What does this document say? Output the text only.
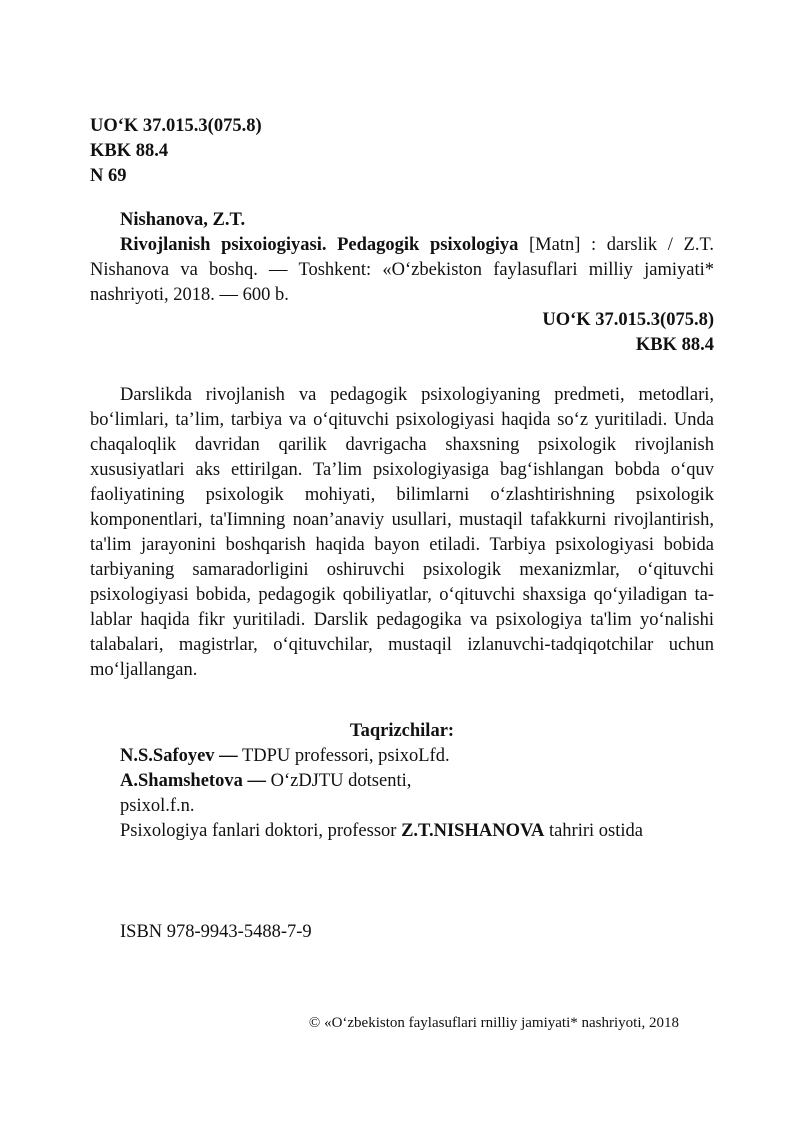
UO‘K 37.015.3(075.8)
KBK 88.4
N 69

Nishanova, Z.T.

Rivojlanish psixoiogiyasi. Pedagogik psixologiya [Matn] : darslik / Z.T. Nishanova va boshq. — Toshkent: «O‘zbekiston faylasuflari milliy jamiyati* nashriyoti, 2018. — 600 b.

UO‘K 37.015.3(075.8)

KBK 88.4

Darslikda rivojlanish va pedagogik psixologiyaning predmeti, metodlari, bo‘limlari, ta’lim, tarbiya va o‘qituvchi psixologiyasi haqida so‘z yuritiladi. Unda chaqaloqlik davridan qarilik davrigacha shaxsning psixologik rivojlanish xususiyatlari aks ettirilgan. Ta’lim psixologiyasiga bag‘ishlangan bobda o‘quv faoliyatining psixologik mohiyati, bilimlarni o‘zlashtirishning psixologik komponentlari, ta'Iimning noan’anaviy usullari, mustaqil tafakkurni rivojlantirish, ta'lim jarayonini boshqarish haqida bayon etiladi. Tarbiya psixologiyasi bobida tarbiyaning samaradorligini oshiruvchi psixologik mexanizmlar, o‘qituvchi psixologiyasi bobida, pedagogik qobiliyatlar, o‘qituvchi shaxsiga qo‘yiladigan talablar haqida fikr yuritiladi. Darslik pedagogika va psixologiya ta'lim yo‘nalishi talabalari, magistrlar, o‘qituvchilar, mustaqil izlanuvchi-tadqiqotchilar uchun mo‘ljallangan.

Taqrizchilar:

N.S.Safoyev — TDPU professori, psixoLfd.

A.Shamshetova — O‘zDJTU dotsenti,

psixol.f.n.

Psixologiya fanlari doktori, professor Z.T.NISHANOVA tahriri ostida

ISBN 978-9943-5488-7-9
© «O‘zbekiston faylasuflari rnilliy jamiyati* nashriyoti, 2018
